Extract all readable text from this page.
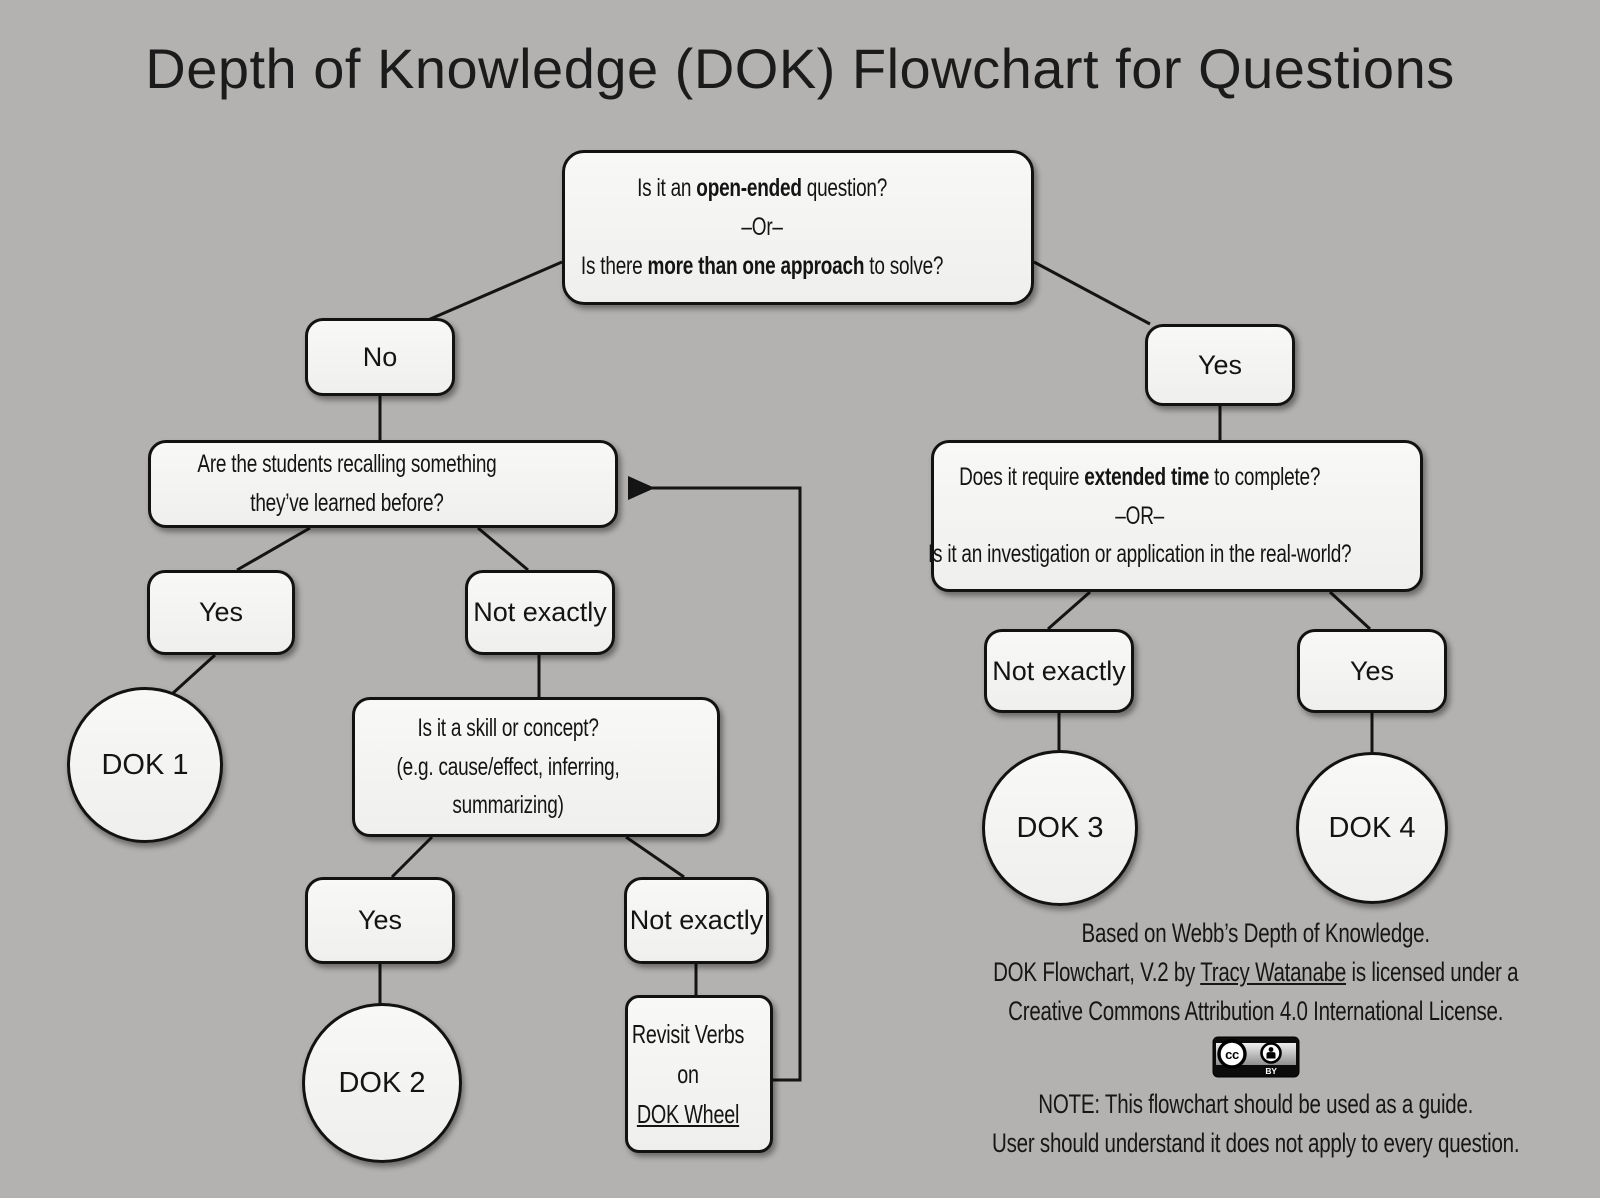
Depth of Knowledge (DOK) Flowchart for Questions
Is it an open-ended question?
–Or–
Is there more than one approach to solve?
No	Yes
Are the students recalling something
they’ve learned before?
Yes	Not exactly
DOK 1
Is it a skill or concept?
(e.g. cause/effect, inferring,
summarizing)
Yes	Not exactly
DOK 2
Revisit Verbs
on
DOK Wheel
Does it require extended time to complete?
–OR–
Is it an investigation or application in the real-world?
Not exactly	Yes
DOK 3	DOK 4
Based on Webb’s Depth of Knowledge.
DOK Flowchart, V.2 by Tracy Watanabe is licensed under a
Creative Commons Attribution 4.0 International License.
cc
BY
NOTE: This flowchart should be used as a guide.
User should understand it does not apply to every question.
